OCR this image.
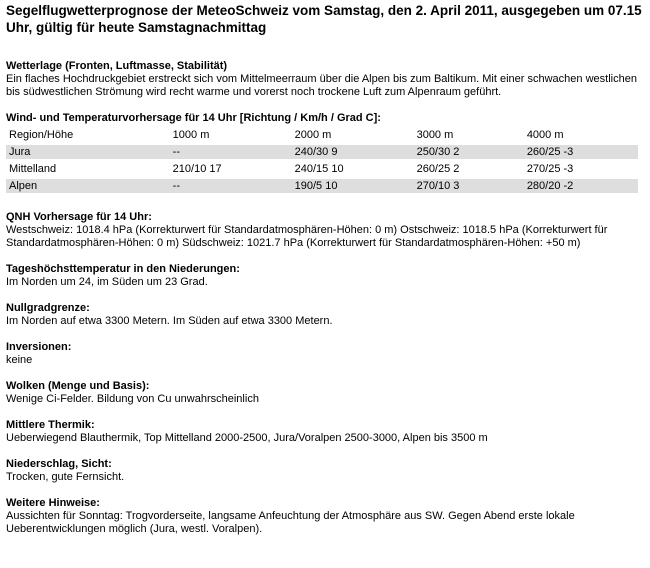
Segelflugwetterprognose der MeteoSchweiz vom Samstag, den 2. April 2011, ausgegeben um 07.15 Uhr, gültig für heute Samstagnachmittag
Wetterlage (Fronten, Luftmasse, Stabilität)
Ein flaches Hochdruckgebiet erstreckt sich vom Mittelmeerraum über die Alpen bis zum Baltikum. Mit einer schwachen westlichen bis südwestlichen Strömung wird recht warme und vorerst noch trockene Luft zum Alpenraum geführt.
Wind- und Temperaturvorhersage für 14 Uhr [Richtung / Km/h / Grad C]:
Region/Höhe	1000 m	2000 m	3000 m	4000 m
Jura	--	240/30 9	250/30 2	260/25 -3
Mittelland	210/10 17	240/15 10	260/25 2	270/25 -3
Alpen	--	190/5 10	270/10 3	280/20 -2
QNH Vorhersage für 14 Uhr:
Westschweiz: 1018.4 hPa (Korrekturwert für Standardatmosphären-Höhen: 0 m) Ostschweiz: 1018.5 hPa (Korrekturwert für Standardatmosphären-Höhen: 0 m) Südschweiz: 1021.7 hPa (Korrekturwert für Standardatmosphären-Höhen: +50 m)
Tageshöchsttemperatur in den Niederungen:
Im Norden um 24, im Süden um 23 Grad.
Nullgradgrenze:
Im Norden auf etwa 3300 Metern. Im Süden auf etwa 3300 Metern.
Inversionen:
keine
Wolken (Menge und Basis):
Wenige Ci-Felder. Bildung von Cu unwahrscheinlich
Mittlere Thermik:
Ueberwiegend Blauthermik, Top Mittelland 2000-2500, Jura/Voralpen 2500-3000, Alpen bis 3500 m
Niederschlag, Sicht:
Trocken, gute Fernsicht.
Weitere Hinweise:
Aussichten für Sonntag: Trogvorderseite, langsame Anfeuchtung der Atmosphäre aus SW. Gegen Abend erste lokale Ueberentwicklungen möglich (Jura, westl. Voralpen).
